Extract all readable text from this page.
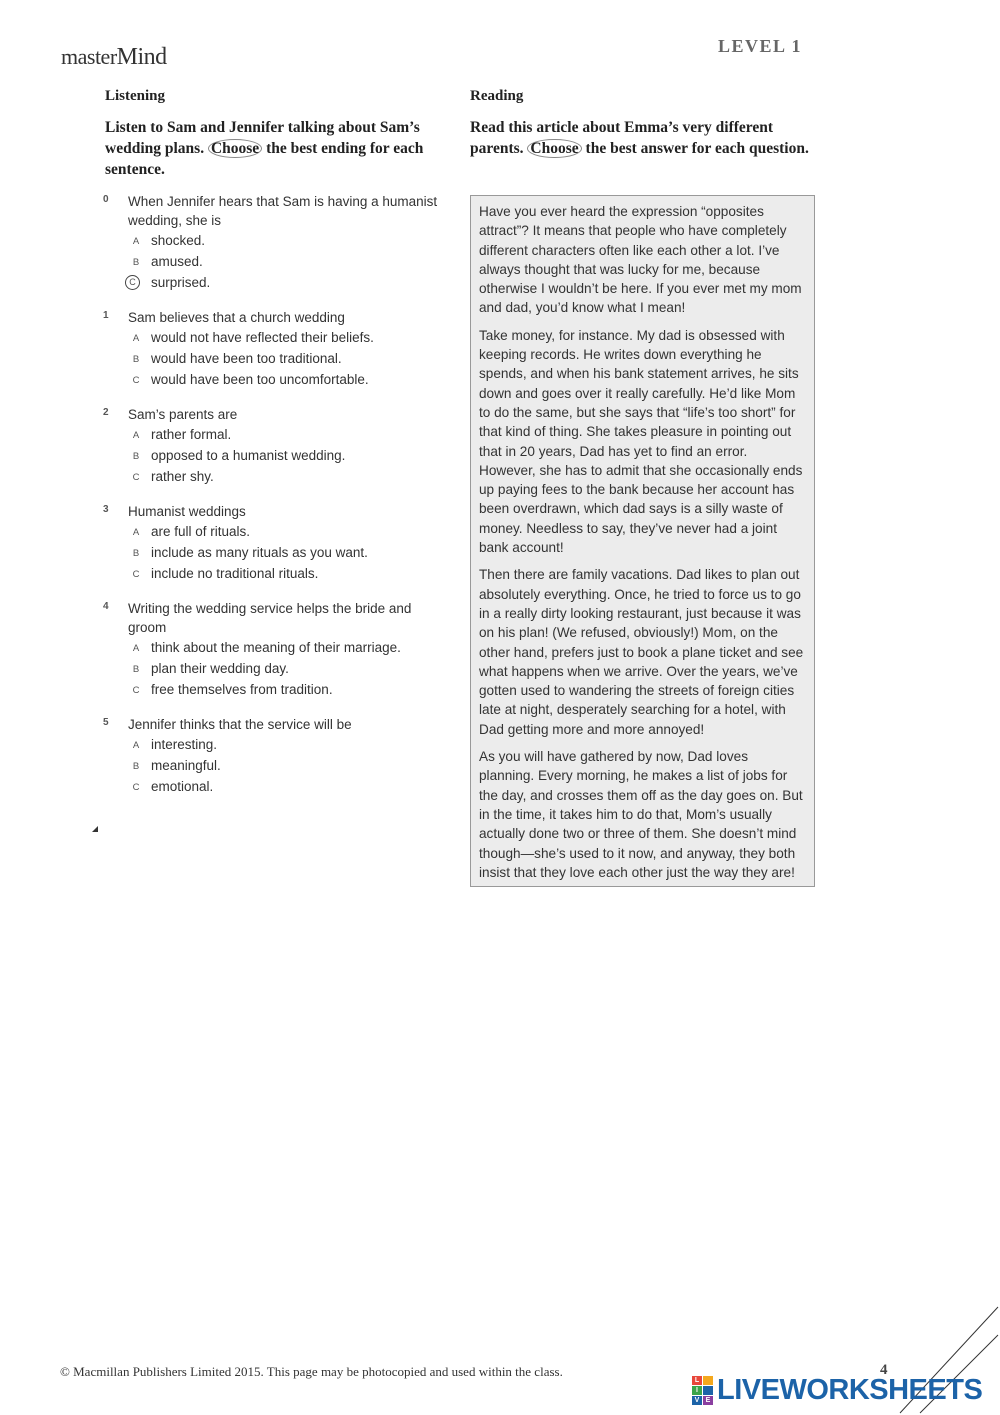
masterMind	LEVEL 1
Listening
Listen to Sam and Jennifer talking about Sam’s wedding plans. Choose the best ending for each sentence.
0 When Jennifer hears that Sam is having a humanist wedding, she is
A shocked.
B amused.
C	surprised.
1 Sam believes that a church wedding
A would not have reflected their beliefs.
B would have been too traditional.
C would have been too uncomfortable.
2 Sam’s parents are
A rather formal.
B opposed to a humanist wedding.
C rather shy.
3 Humanist weddings
A are full of rituals.
B include as many rituals as you want.
C include no traditional rituals.
4 Writing the wedding service helps the bride and groom
A think about the meaning of their marriage.
B plan their wedding day.
C free themselves from tradition.
5 Jennifer thinks that the service will be
A interesting.
B meaningful.
C emotional.
Reading
Read this article about Emma’s very different parents. Choose the best answer for each question.

Have you ever heard the expression “opposites attract”? It means that people who have completely different characters often like each other a lot. I’ve always thought that was lucky for me, because otherwise I wouldn’t be here. If you ever met my mom and dad, you’d know what I mean!

Take money, for instance. My dad is obsessed with keeping records. He writes down everything he spends, and when his bank statement arrives, he sits down and goes over it really carefully. He’d like Mom to do the same, but she says that “life’s too short” for that kind of thing. She takes pleasure in pointing out that in 20 years, Dad has yet to find an error. However, she has to admit that she occasionally ends up paying fees to the bank because her account has been overdrawn, which dad says is a silly waste of money. Needless to say, they’ve never had a joint bank account!

Then there are family vacations. Dad likes to plan out absolutely everything. Once, he tried to force us to go in a really dirty looking restaurant, just because it was on his plan! (We refused, obviously!) Mom, on the other hand, prefers just to book a plane ticket and see what happens when we arrive. Over the years, we’ve gotten used to wandering the streets of foreign cities late at night, desperately searching for a hotel, with Dad getting more and more annoyed!

As you will have gathered by now, Dad loves planning. Every morning, he makes a list of jobs for the day, and crosses them off as the day goes on. But in the time, it takes him to do that, Mom’s usually actually done two or three of them. She doesn’t mind though—she’s used to it now, and anyway, they both insist that they love each other just the way they are!

© Macmillan Publishers Limited 2015. This page may be photocopied and used within the class.	4
L
I
V E LIVEWORKSHEETS
